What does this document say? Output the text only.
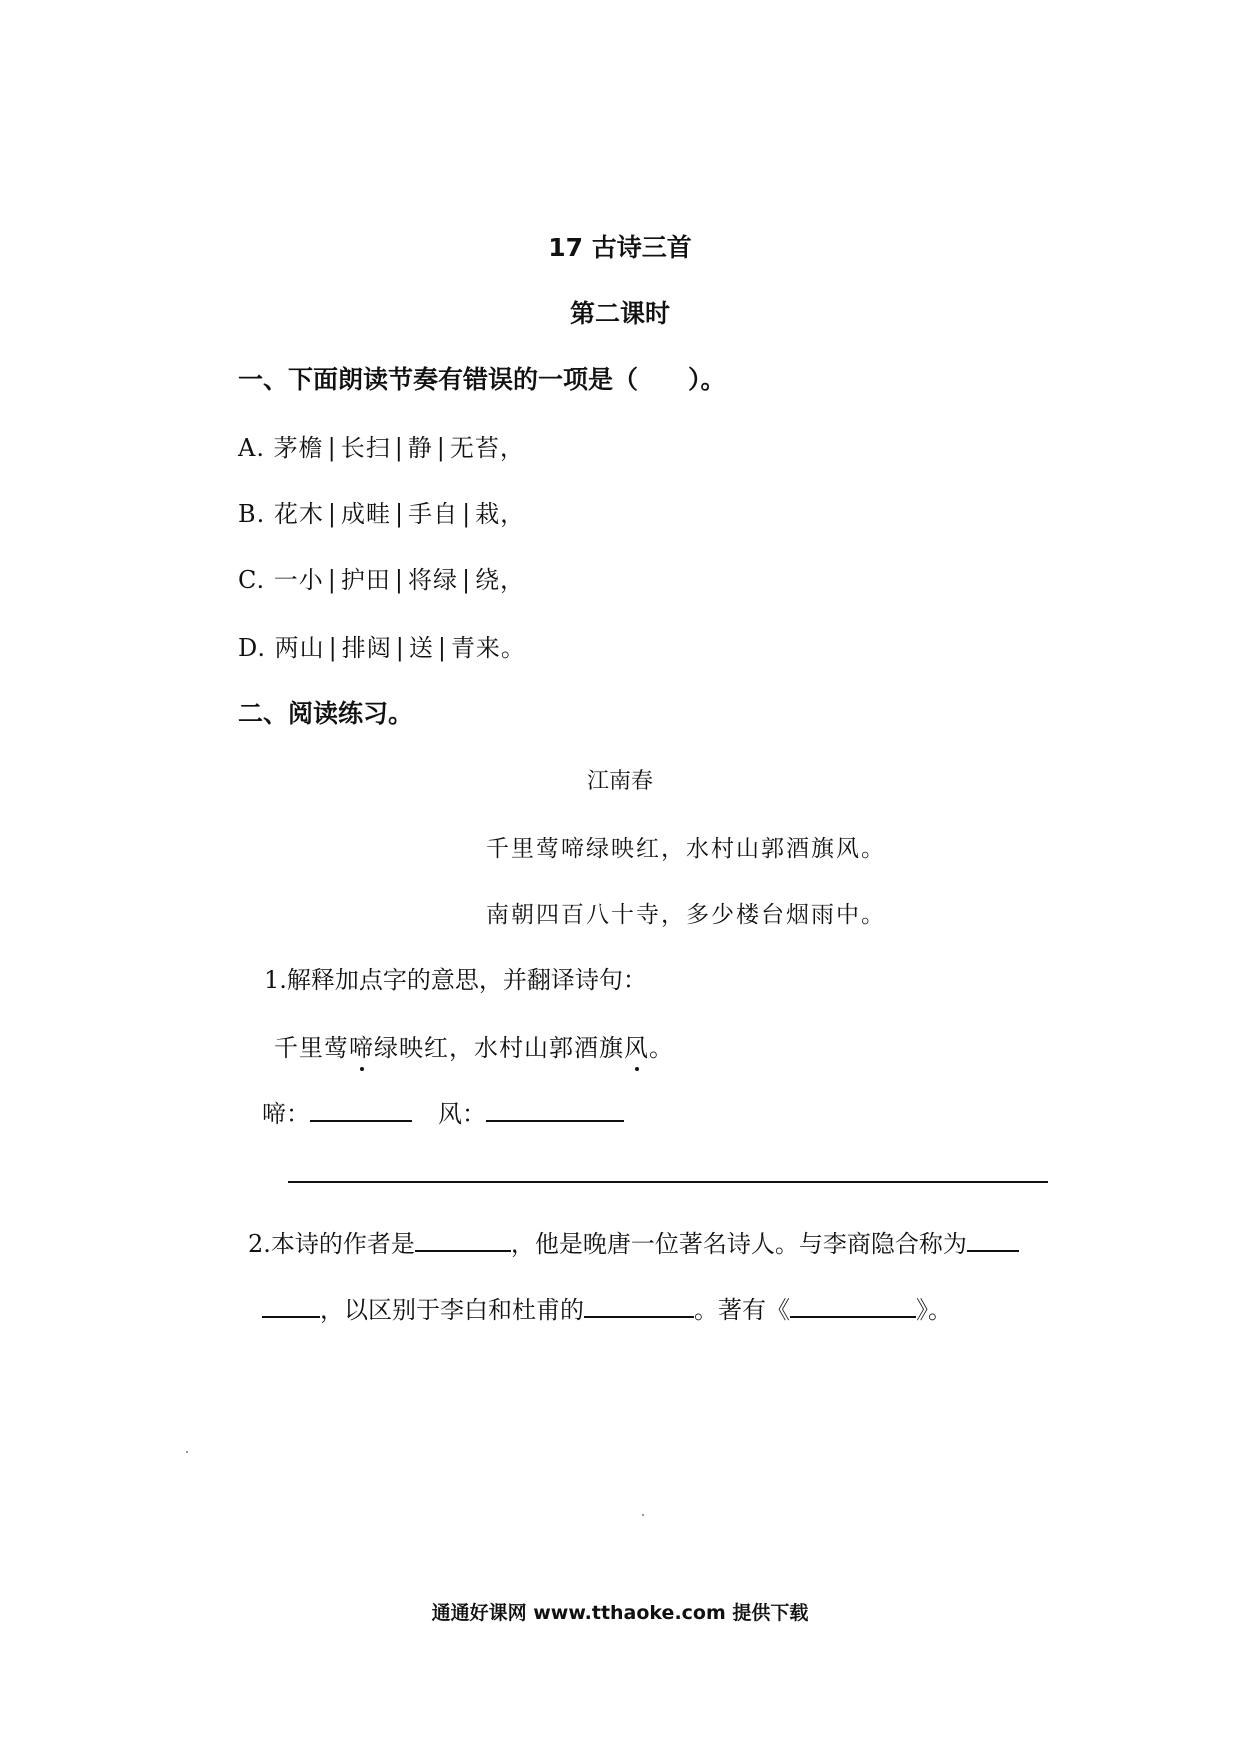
17 古诗三首
第二课时
一、下面朗读节奏有错误的一项是（　　）。
A. 茅檐 | 长扫 | 静 | 无苔，
B. 花木 | 成畦 | 手自 | 栽，
C. 一小 | 护田 | 将绿 | 绕，
D. 两山 | 排闼 | 送 | 青来。
二、阅读练习。
江南春
千里莺啼绿映红，水村山郭酒旗风。
南朝四百八十寺，多少楼台烟雨中。
1.解释加点字的意思，并翻译诗句：
千里莺啼绿映红，水村山郭酒旗风。
啼：	风：
2.本诗的作者是	，他是晚唐一位著名诗人。与李商隐合称为
，以区别于李白和杜甫的	。著有《	》。
通通好课网 www.tthaoke.com 提供下载
